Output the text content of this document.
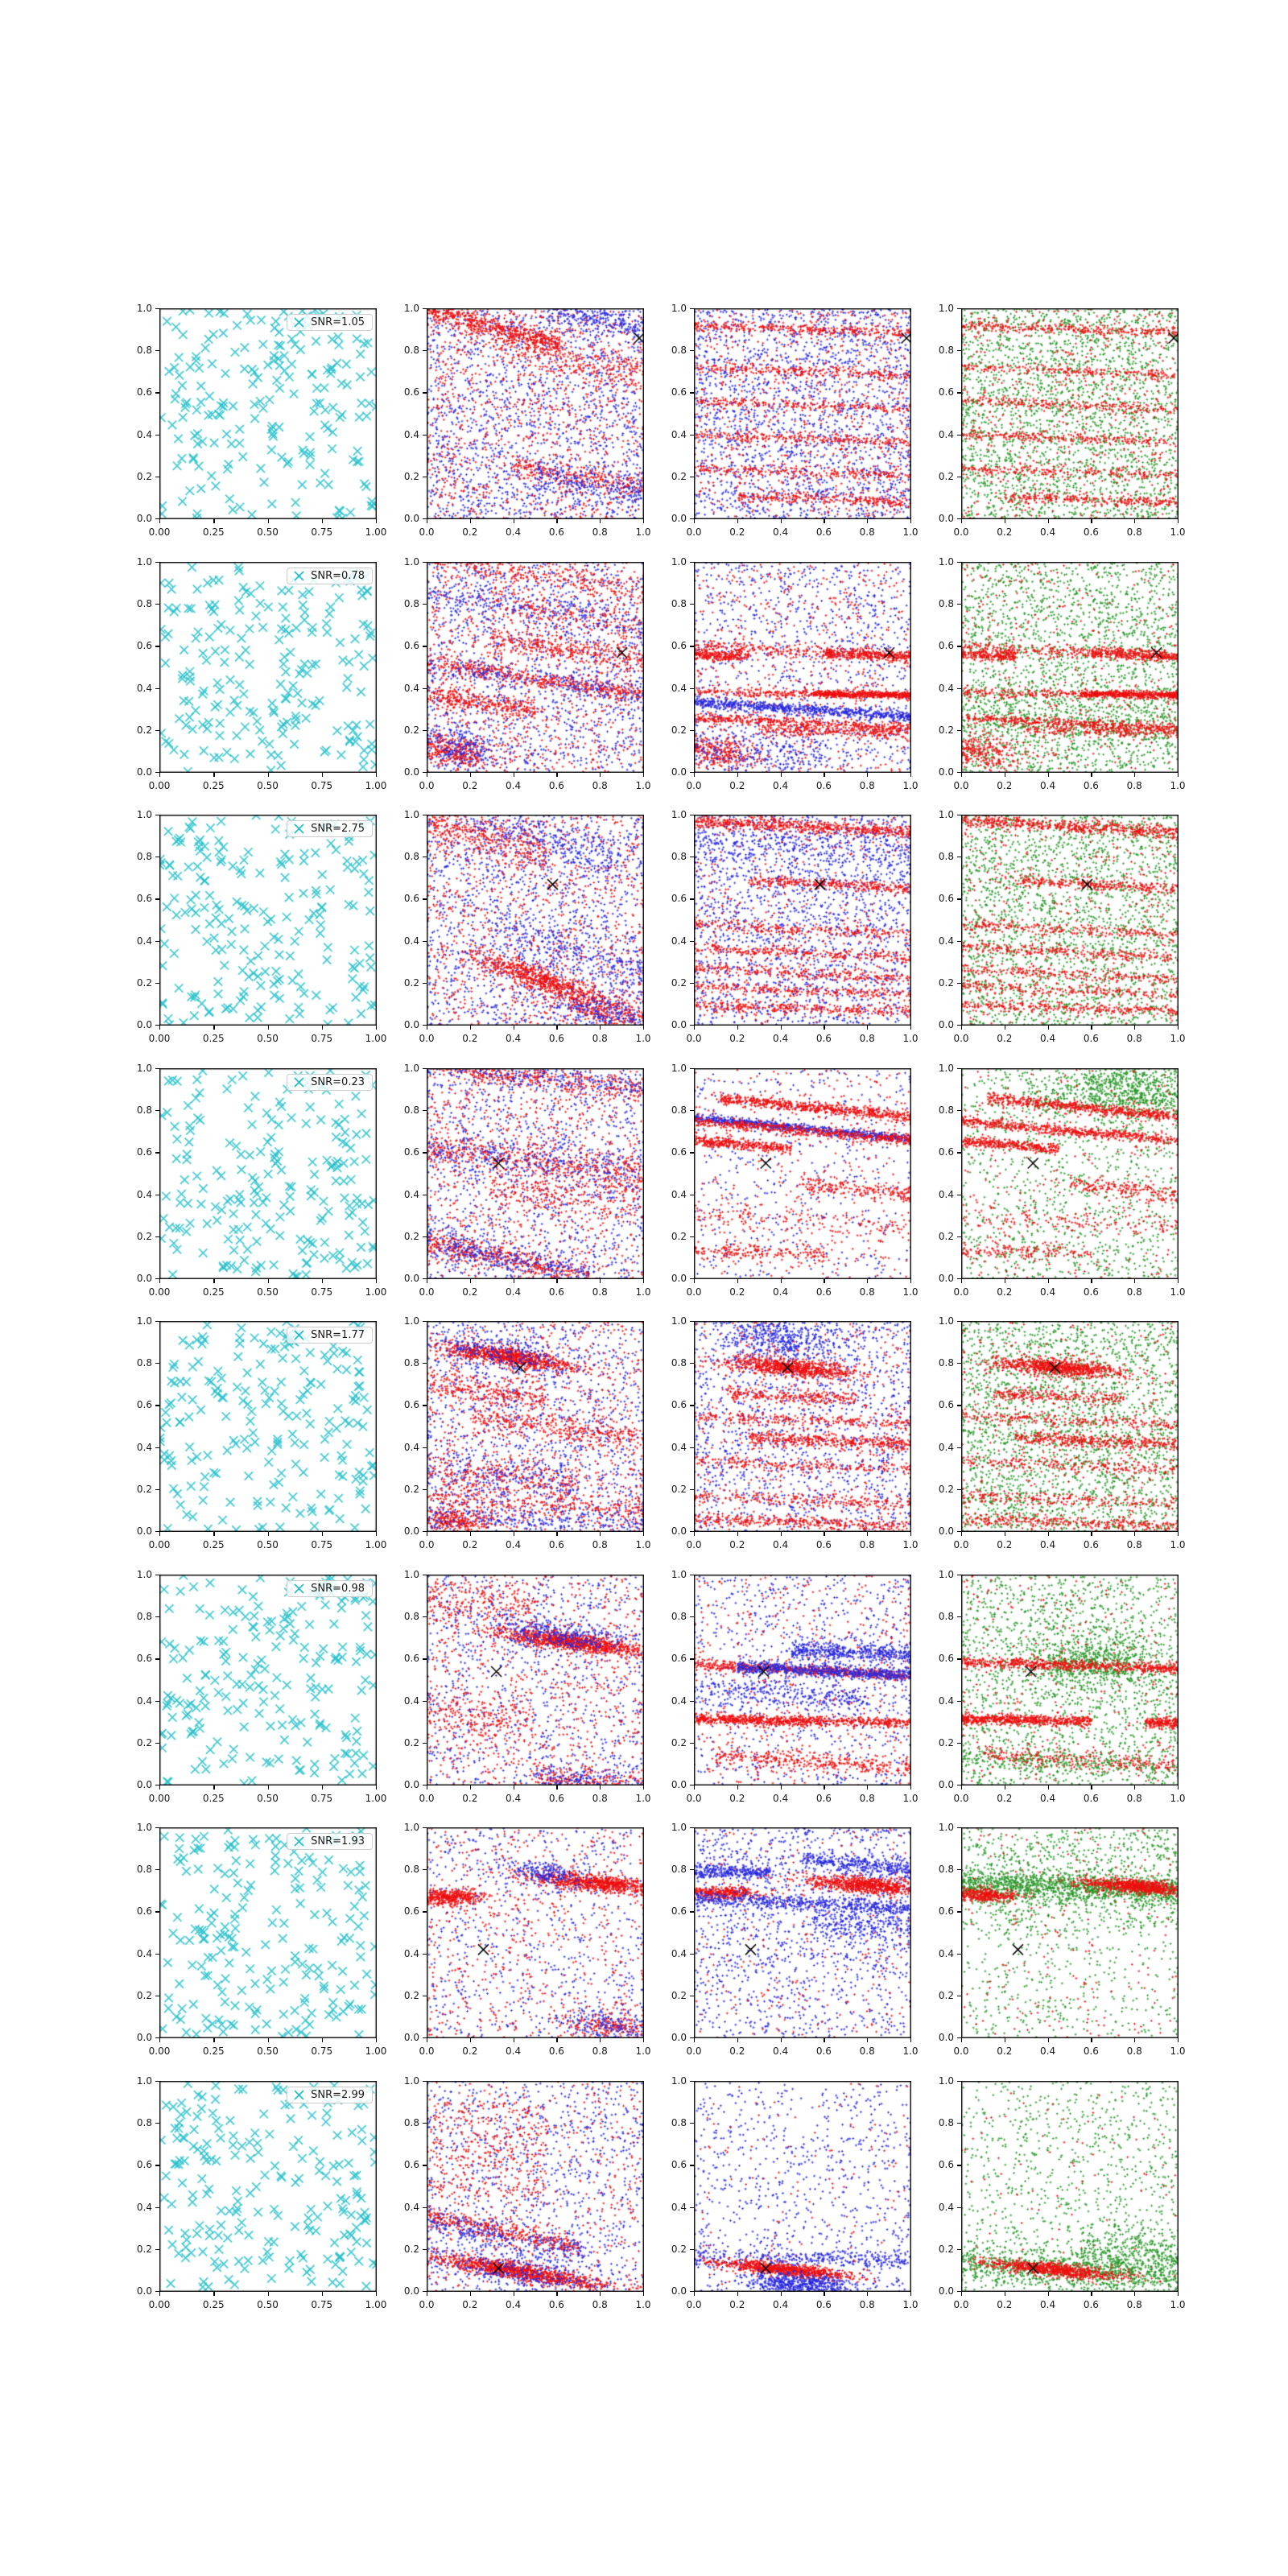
0.00	0.25	0.50	0.75	1.00
0.0
0.2
0.4
0.6
0.8
1.0
SNR=1.05
0.0	0.2	0.4	0.6	0.8	1.0
0.0
0.2
0.4
0.6
0.8
1.0
0.0	0.2	0.4	0.6	0.8	1.0
0.0
0.2
0.4
0.6
0.8
1.0
0.0	0.2	0.4	0.6	0.8	1.0
0.0
0.2
0.4
0.6
0.8
1.0
0.00	0.25	0.50	0.75	1.00
0.0
0.2
0.4
0.6
0.8
1.0
SNR=0.78
0.0	0.2	0.4	0.6	0.8	1.0
0.0
0.2
0.4
0.6
0.8
1.0
0.0	0.2	0.4	0.6	0.8	1.0
0.0
0.2
0.4
0.6
0.8
1.0
0.0	0.2	0.4	0.6	0.8	1.0
0.0
0.2
0.4
0.6
0.8
1.0
0.00	0.25	0.50	0.75	1.00
0.0
0.2
0.4
0.6
0.8
1.0
SNR=2.75
0.0	0.2	0.4	0.6	0.8	1.0
0.0
0.2
0.4
0.6
0.8
1.0
0.0	0.2	0.4	0.6	0.8	1.0
0.0
0.2
0.4
0.6
0.8
1.0
0.0	0.2	0.4	0.6	0.8	1.0
0.0
0.2
0.4
0.6
0.8
1.0
0.00	0.25	0.50	0.75	1.00
0.0
0.2
0.4
0.6
0.8
1.0
SNR=0.23
0.0	0.2	0.4	0.6	0.8	1.0
0.0
0.2
0.4
0.6
0.8
1.0
0.0	0.2	0.4	0.6	0.8	1.0
0.0
0.2
0.4
0.6
0.8
1.0
0.0	0.2	0.4	0.6	0.8	1.0
0.0
0.2
0.4
0.6
0.8
1.0
0.00	0.25	0.50	0.75	1.00
0.0
0.2
0.4
0.6
0.8
1.0
SNR=1.77
0.0	0.2	0.4	0.6	0.8	1.0
0.0
0.2
0.4
0.6
0.8
1.0
0.0	0.2	0.4	0.6	0.8	1.0
0.0
0.2
0.4
0.6
0.8
1.0
0.0	0.2	0.4	0.6	0.8	1.0
0.0
0.2
0.4
0.6
0.8
1.0
0.00	0.25	0.50	0.75	1.00
0.0
0.2
0.4
0.6
0.8
1.0
SNR=0.98
0.0	0.2	0.4	0.6	0.8	1.0
0.0
0.2
0.4
0.6
0.8
1.0
0.0	0.2	0.4	0.6	0.8	1.0
0.0
0.2
0.4
0.6
0.8
1.0
0.0	0.2	0.4	0.6	0.8	1.0
0.0
0.2
0.4
0.6
0.8
1.0
0.00	0.25	0.50	0.75	1.00
0.0
0.2
0.4
0.6
0.8
1.0
SNR=1.93
0.0	0.2	0.4	0.6	0.8	1.0
0.0
0.2
0.4
0.6
0.8
1.0
0.0	0.2	0.4	0.6	0.8	1.0
0.0
0.2
0.4
0.6
0.8
1.0
0.0	0.2	0.4	0.6	0.8	1.0
0.0
0.2
0.4
0.6
0.8
1.0
0.00	0.25	0.50	0.75	1.00
0.0
0.2
0.4
0.6
0.8
1.0
SNR=2.99
0.0	0.2	0.4	0.6	0.8	1.0
0.0
0.2
0.4
0.6
0.8
1.0
0.0	0.2	0.4	0.6	0.8	1.0
0.0
0.2
0.4
0.6
0.8
1.0
0.0	0.2	0.4	0.6	0.8	1.0
0.0
0.2
0.4
0.6
0.8
1.0
